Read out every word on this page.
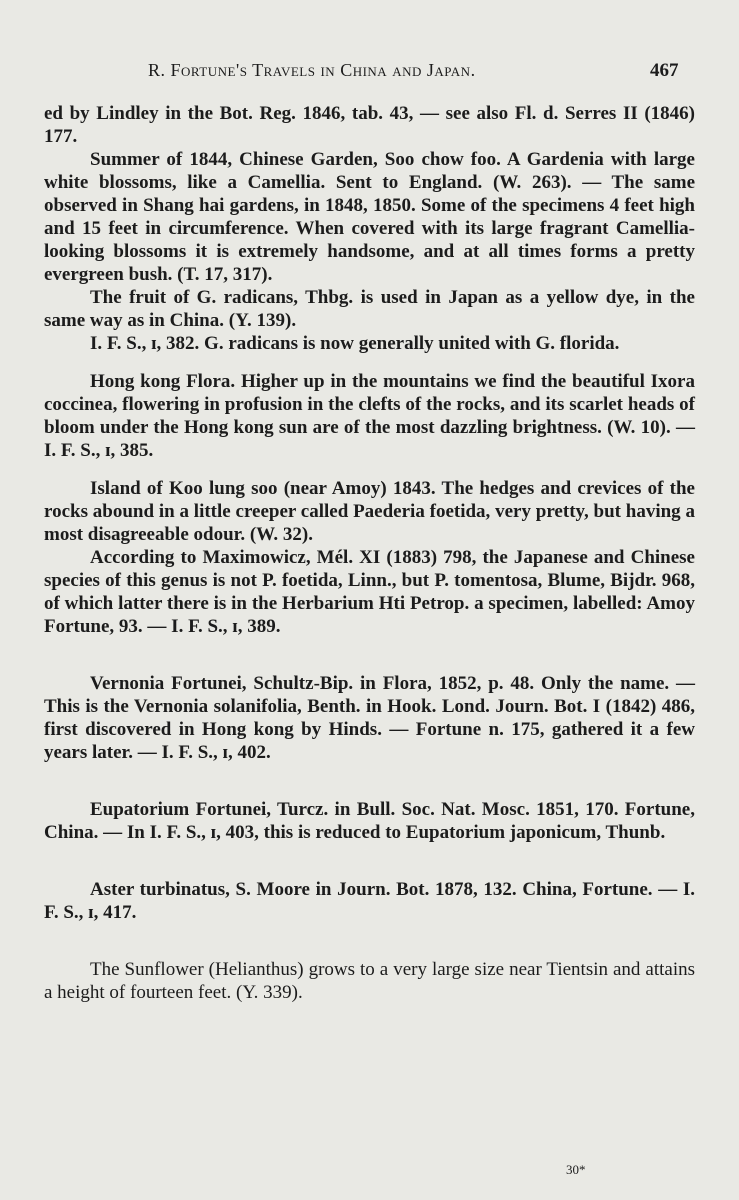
R. Fortune's Travels in China and Japan.	467

ed by Lindley in the Bot. Reg. 1846, tab. 43, — see also Fl. d. Serres II (1846) 177.

Summer of 1844, Chinese Garden, Soo chow foo. A Gardenia with large white blossoms, like a Camellia. Sent to England. (W. 263). — The same observed in Shang hai gardens, in 1848, 1850. Some of the specimens 4 feet high and 15 feet in circumference. When covered with its large fragrant Camellia-looking blossoms it is extremely handsome, and at all times forms a pretty evergreen bush. (T. 17, 317).

The fruit of G. radicans, Thbg. is used in Japan as a yellow dye, in the same way as in China. (Y. 139).

I. F. S., ɪ, 382. G. radicans is now generally united with G. florida.

Hong kong Flora. Higher up in the mountains we find the beautiful Ixora coccinea, flowering in profusion in the clefts of the rocks, and its scarlet heads of bloom under the Hong kong sun are of the most dazzling brightness. (W. 10). — I. F. S., ɪ, 385.

Island of Koo lung soo (near Amoy) 1843. The hedges and crevices of the rocks abound in a little creeper called Paederia foetida, very pretty, but having a most disagreeable odour. (W. 32).

According to Maximowicz, Mél. XI (1883) 798, the Japanese and Chinese species of this genus is not P. foetida, Linn., but P. tomentosa, Blume, Bijdr. 968, of which latter there is in the Herbarium Hti Petrop. a specimen, labelled: Amoy Fortune, 93. — I. F. S., ɪ, 389.

Vernonia Fortunei, Schultz-Bip. in Flora, 1852, p. 48. Only the name. — This is the Vernonia solanifolia, Benth. in Hook. Lond. Journ. Bot. I (1842) 486, first discovered in Hong kong by Hinds. — Fortune n. 175, gathered it a few years later. — I. F. S., ɪ, 402.

Eupatorium Fortunei, Turcz. in Bull. Soc. Nat. Mosc. 1851, 170. Fortune, China. — In I. F. S., ɪ, 403, this is reduced to Eupatorium japonicum, Thunb.

Aster turbinatus, S. Moore in Journ. Bot. 1878, 132. China, Fortune. — I. F. S., ɪ, 417.

The Sunflower (Helianthus) grows to a very large size near Tientsin and attains a height of fourteen feet. (Y. 339).

30*
